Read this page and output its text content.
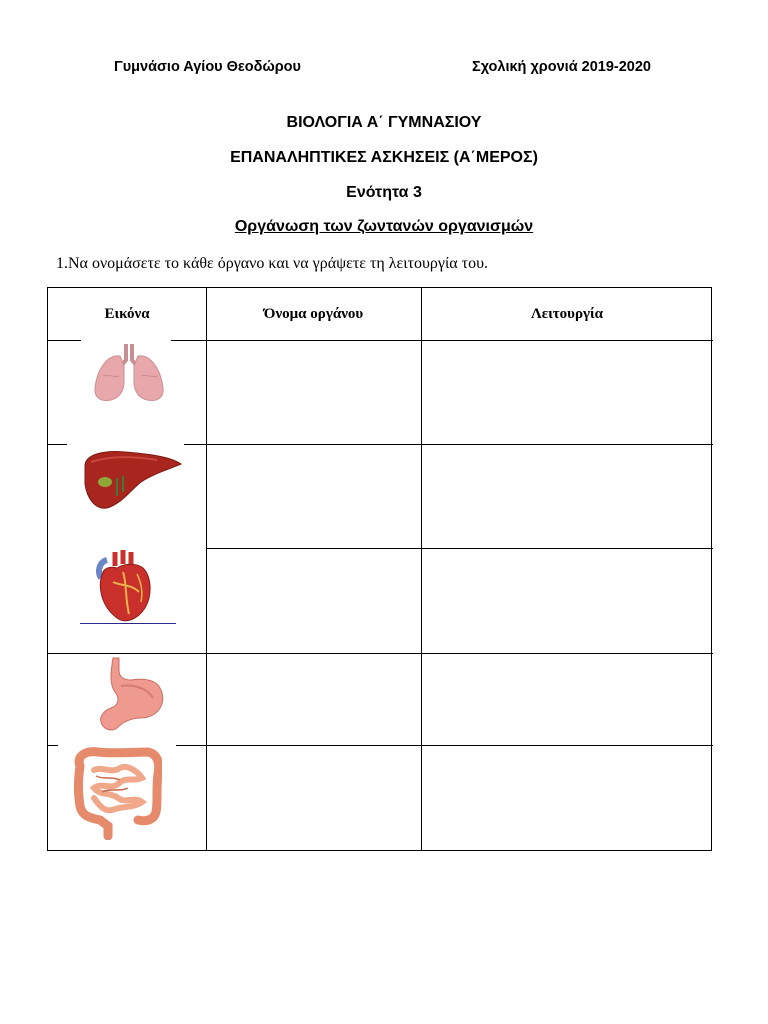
Γυμνάσιο Αγίου Θεοδώρου	Σχολική χρονιά 2019-2020
ΒΙΟΛΟΓΙΑ Α΄ ΓΥΜΝΑΣΙΟΥ
ΕΠΑΝΑΛΗΠΤΙΚΕΣ ΑΣΚΗΣΕΙΣ (Α΄ΜΕΡΟΣ)
Ενότητα 3
Οργάνωση των ζωντανών οργανισμών
1.Να ονομάσετε το κάθε όργανο και να γράψετε τη λειτουργία του.
Εικόνα	Όνομα οργάνου	Λειτουργία
